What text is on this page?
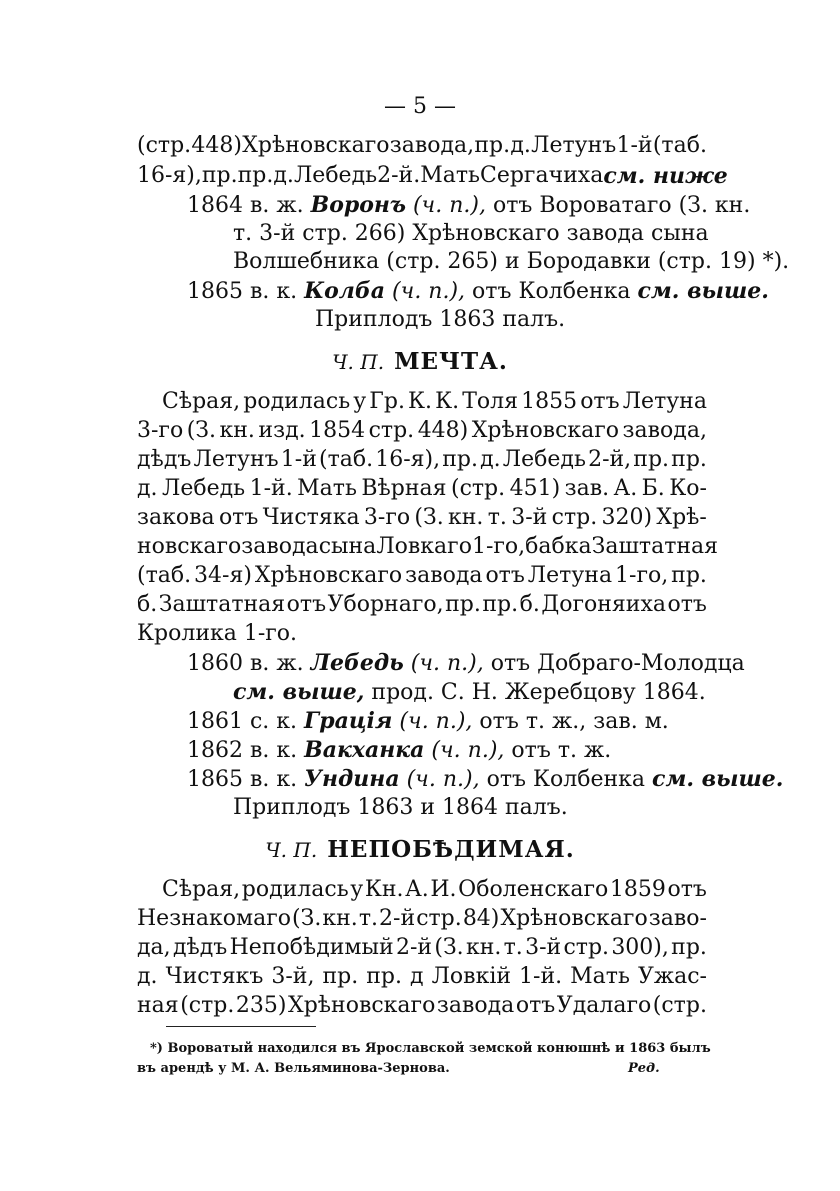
— 5 —
(стр. 448) Хрѣновскаго завода, пр. д. Летунъ 1-й (таб.
16-я), пр. пр. д. Лебедь 2-й. Мать Сергачиха см. ниже
1864 в. ж. Воронъ (ч. п.), отъ Вороватаго (З. кн.
т. 3-й стр. 266) Хрѣновскаго завода сына
Волшебника (стр. 265) и Бородавки (стр. 19) *).
1865 в. к. Колба (ч. п.), отъ Колбенка см. выше.
Приплодъ 1863 палъ.
Ч. П. МЕЧТА.
Сѣрая, родилась у Гр. К. К. Толя 1855 отъ Летуна
3-го (З. кн. изд. 1854 стр. 448) Хрѣновскаго завода,
дѣдъ Летунъ 1-й (таб. 16-я), пр. д. Лебедь 2-й, пр. пр.
д. Лебедь 1-й. Мать Вѣрная (стр. 451) зав. А. Б. Ко-
закова отъ Чистяка 3-го (З. кн. т. 3-й стр. 320) Хрѣ-
новскаго завода сына Ловкаго 1-го, бабка Заштатная
(таб. 34-я) Хрѣновскаго завода отъ Летуна 1-го, пр.
б. Заштатная отъ Уборнаго, пр. пр. б. Догоняиха отъ
Кролика 1-го.
1860 в. ж. Лебедь (ч. п.), отъ Добраго-Молодца
см. выше, прод. С. Н. Жеребцову 1864.
1861 с. к. Грація (ч. п.), отъ т. ж., зав. м.
1862 в. к. Вакханка (ч. п.), отъ т. ж.
1865 в. к. Ундина (ч. п.), отъ Колбенка см. выше.
Приплодъ 1863 и 1864 палъ.
Ч. П. НЕПОБѢДИМАЯ.
Сѣрая, родилась у Кн. А. И. Оболенскаго 1859 отъ
Незнакомаго (З. кн. т. 2-й стр. 84) Хрѣновскаго заво-
да, дѣдъ Непобѣдимый 2-й (З. кн. т. 3-й стр. 300), пр.
д. Чистякъ 3-й, пр. пр. д Ловкій 1-й. Мать Ужас-
ная (стр. 235) Хрѣновскаго завода отъ Удалаго (стр.
*) Вороватый находился въ Ярославской земской конюшнѣ и 1863 былъ
въ арендѣ у М. А. Вельяминова-Зернова.	Ред.
